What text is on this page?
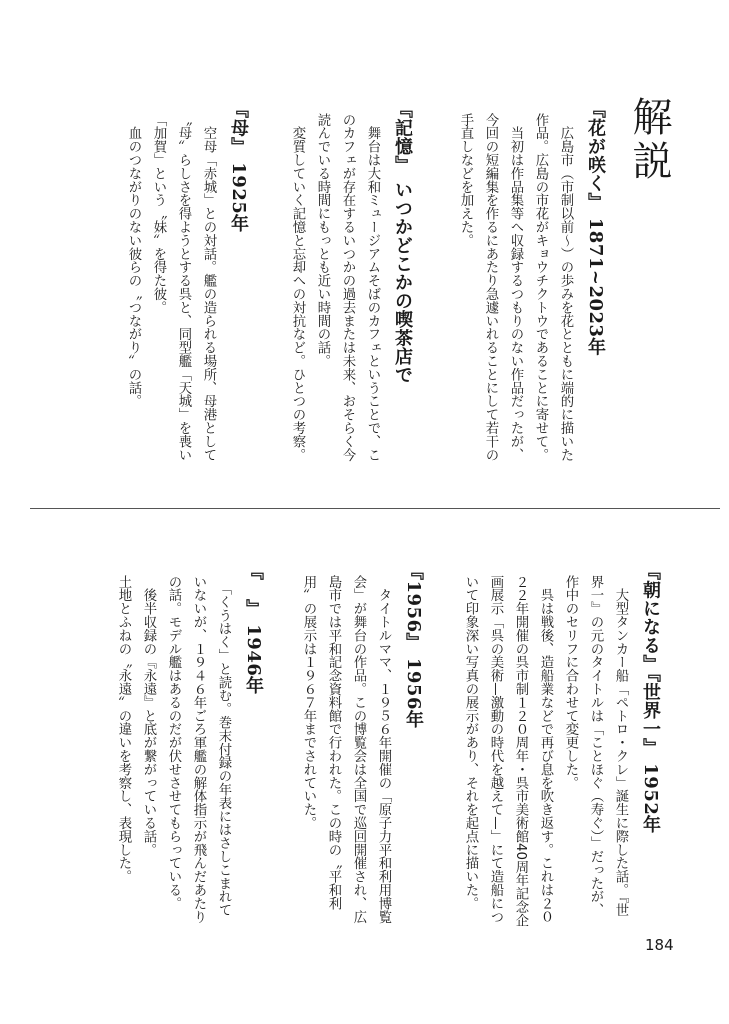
解説
『花が咲く』 1871~2023年
　広島市（市制以前〜）の歩みを花とともに端的に描いた
作品。広島の市花がキョウチクトウであることに寄せて。
　当初は作品集等へ収録するつもりのない作品だったが、
今回の短編集を作るにあたり急遽いれることにして若干の
手直しなどを加えた。
『記憶』 いつかどこかの喫茶店で
　舞台は大和ミュージアムそばのカフェということで、こ
のカフェが存在するいつかの過去または未来、おそらく今
読んでいる時間にもっとも近い時間の話。
　変質していく記憶と忘却への対抗など。ひとつの考察。
『母』 1925年
　空母「赤城」との対話。艦の造られる場所、母港として
〝母〟らしさを得ようとする呉と、同型艦「天城」を喪い
「加賀」という〝妹〟を得た彼。
　血のつながりのない彼らの〝つながり〟の話。
『朝になる』『世界一』 1952年
　大型タンカー船「ペトロ・クレ」誕生に際した話。『世
界一』の元のタイトルは「ことほぐ（寿ぐ）」だったが、
作中のセリフに合わせて変更した。
　呉は戦後、造船業などで再び息を吹き返す。これは２０
２２年開催の呉市制１２０周年・呉市美術館40周年記念企
画展示「呉の美術—激動の時代を越えて—」にて造船につ
いて印象深い写真の展示があり、それを起点に描いた。
『1956』 1956年
　タイトルママ、１９５６年開催の「原子力平和利用博覧
会」が舞台の作品。この博覧会は全国で巡回開催され、広
島市では平和記念資料館で行われた。この時の〝平和利
用〟の展示は１９６７年までされていた。
『　』 1946年
　「くうはく」と読む。巻末付録の年表にはさしこまれて
いないが、１９４６年ごろ軍艦の解体指示が飛んだあたり
の話。モデル艦はあるのだが伏せさせてもらっている。
　後半収録の『永遠』と底が繋がっている話。
土地とふねの〝永遠〟の違いを考察し、表現した。
184
